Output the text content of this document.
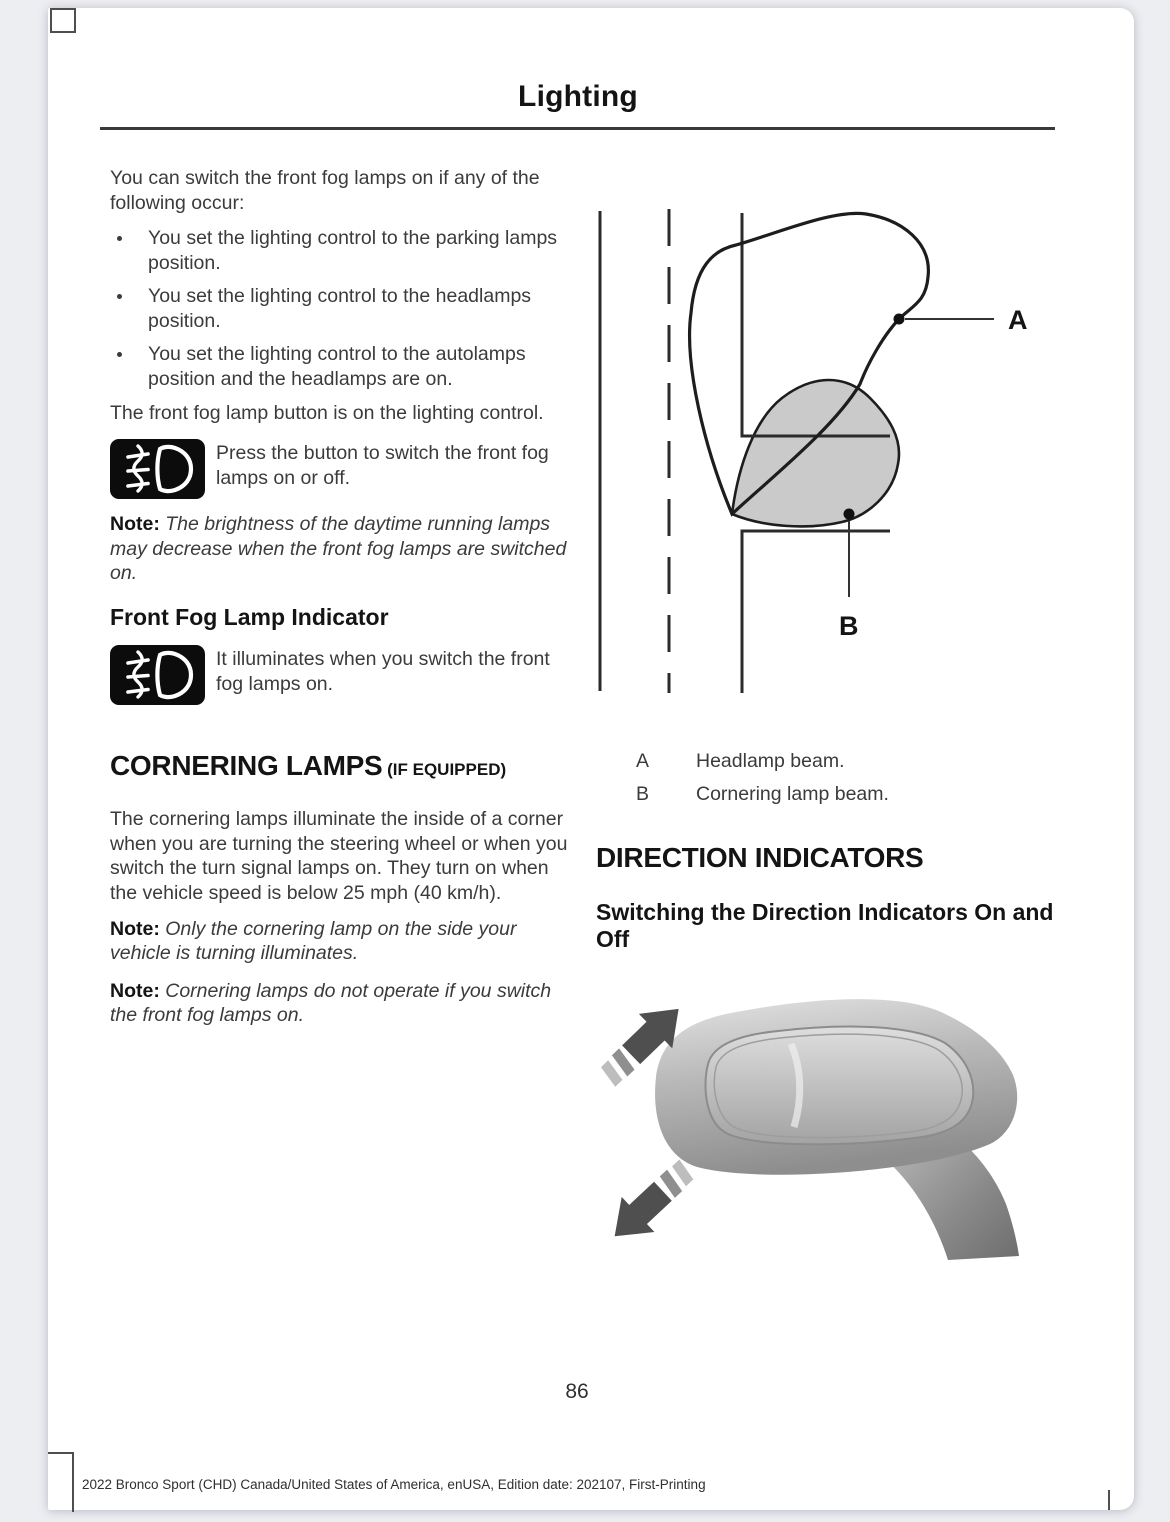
Lighting

You can switch the front fog lamps on if any of the following occur:

You set the lighting control to the parking lamps position.
You set the lighting control to the headlamps position.
You set the lighting control to the autolamps position and the headlamps are on.

The front fog lamp button is on the lighting control.

Press the button to switch the front fog lamps on or off.

Note: The brightness of the daytime running lamps may decrease when the front fog lamps are switched on.

Front Fog Lamp Indicator
It illuminates when you switch the front fog lamps on.
CORNERING LAMPS (IF EQUIPPED)

The cornering lamps illuminate the inside of a corner when you are turning the steering wheel or when you switch the turn signal lamps on. They turn on when the vehicle speed is below 25 mph (40 km/h).

Note: Only the cornering lamp on the side your vehicle is turning illuminates.

Note: Cornering lamps do not operate if you switch the front fog lamps on.

A
B
A	Headlamp beam.
B	Cornering lamp beam.
DIRECTION INDICATORS
Switching the Direction Indicators On and Off
86
2022 Bronco Sport (CHD) Canada/United States of America, enUSA, Edition date: 202107, First-Printing
